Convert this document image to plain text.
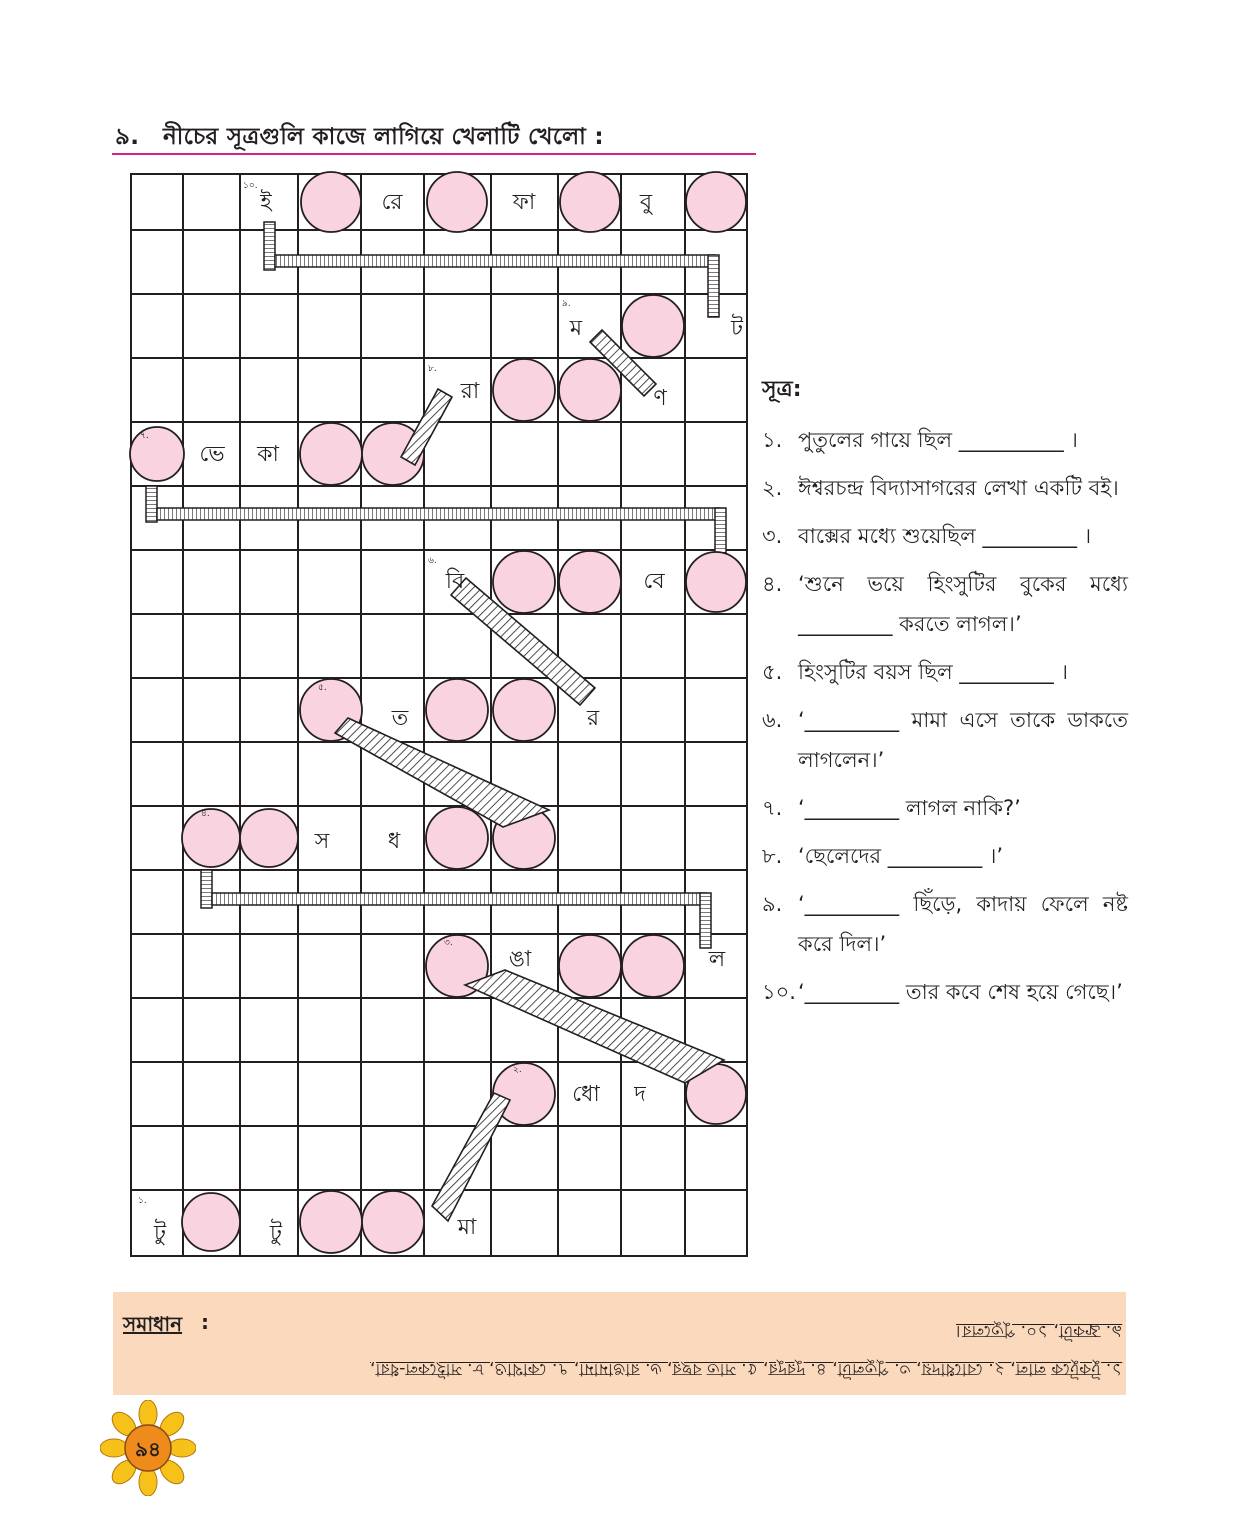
৯. নীচের সূত্রগুলি কাজে লাগিয়ে খেলাটি খেলো :
ই	রে	ফা	বু
ম	ট
রা	ণ
ভে কা
বি	বে
ত	র
স	ধ
ঙা	ল
ধো দ
টু	টু	মা
১০.
৯.
৮.
৭.
৬.
৫.
৪.
৩.
২.
১.
সূত্র:
১. পুতুলের গায়ে ছিল __________ ।
২. ঈশ্বরচন্দ্র বিদ্যাসাগরের লেখা একটি বই।
৩. বাক্সের মধ্যে শুয়েছিল _________ ।
৪. ‘শুনে ভয়ে হিংসুটির বুকের মধ্যে _________ করতে লাগল।’
৫. হিংসুটির বয়স ছিল _________ ।
৬. ‘_________ মামা এসে তাকে ডাকতে লাগলেন।’
৭. ‘_________ লাগল নাকি?’
৮. ‘ছেলেদের _________ ।’
৯. ‘_________ ছিঁড়ে, কাদায় ফেলে নষ্ট করে দিল।’
১০. ‘_________ তার কবে শেষ হয়ে গেছে।’
সমাধান :	৯. ফ্রকটা, ১০. পুতুলের।
১. টুকটুকে লাল, ২. বোধোদয়, ৩. পুতুলটা, ৪. দুরদুর, ৫. সাত বছর, ৬. রাঙামামা, ৭. কোথাও, ৮. সাইকেল-ধরা,
৯৪
